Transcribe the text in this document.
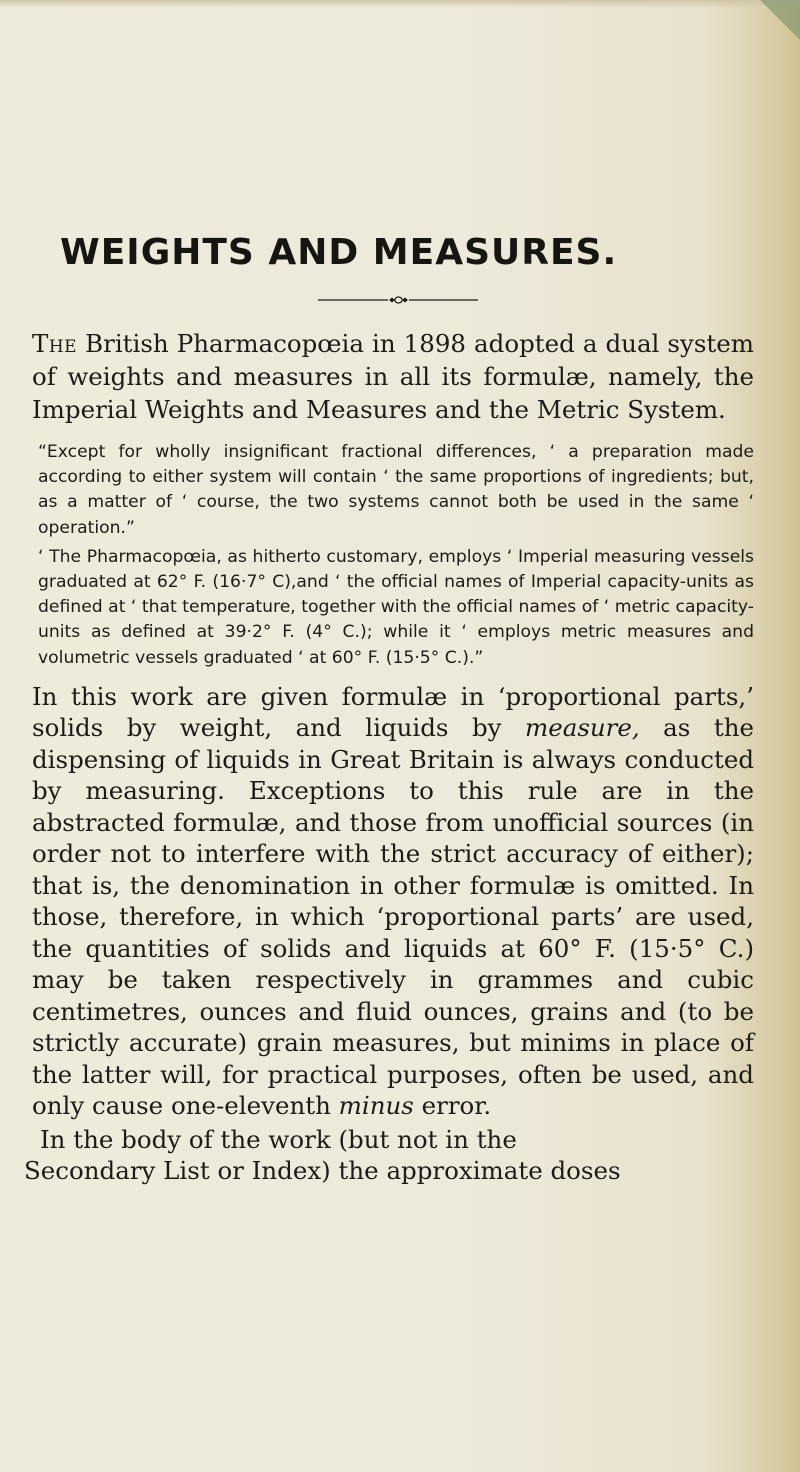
WEIGHTS AND MEASURES.

The British Pharmacopœia in 1898 adopted a dual system of weights and measures in all its formulæ, namely, the Imperial Weights and Measures and the Metric System.

“Except for wholly insignificant fractional differences, ‘ a preparation made according to either system will contain ‘ the same proportions of ingredients; but, as a matter of ‘ course, the two systems cannot both be used in the same ‘ operation.”

‘ The Pharmacopœia, as hitherto customary, employs ‘ Imperial measuring vessels graduated at 62° F. (16·7° C),and ‘ the official names of Imperial capacity-units as defined at ‘ that temperature, together with the official names of ‘ metric capacity-units as defined at 39·2° F. (4° C.); while it ‘ employs metric measures and volumetric vessels graduated ‘ at 60° F. (15·5° C.).”

In this work are given formulæ in ‘proportional parts,’ solids by weight, and liquids by measure, as the dispensing of liquids in Great Britain is always conducted by measuring. Exceptions to this rule are in the abstracted formulæ, and those from unofficial sources (in order not to interfere with the strict accuracy of either); that is, the denomination in other formulæ is omitted. In those, therefore, in which ‘proportional parts’ are used, the quantities of solids and liquids at 60° F. (15·5° C.) may be taken respectively in grammes and cubic centimetres, ounces and fluid ounces, grains and (to be strictly accurate) grain measures, but minims in place of the latter will, for practical purposes, often be used, and only cause one-eleventh minus error.

In the body of the work (but not in the
Secondary List or Index) the approximate doses
